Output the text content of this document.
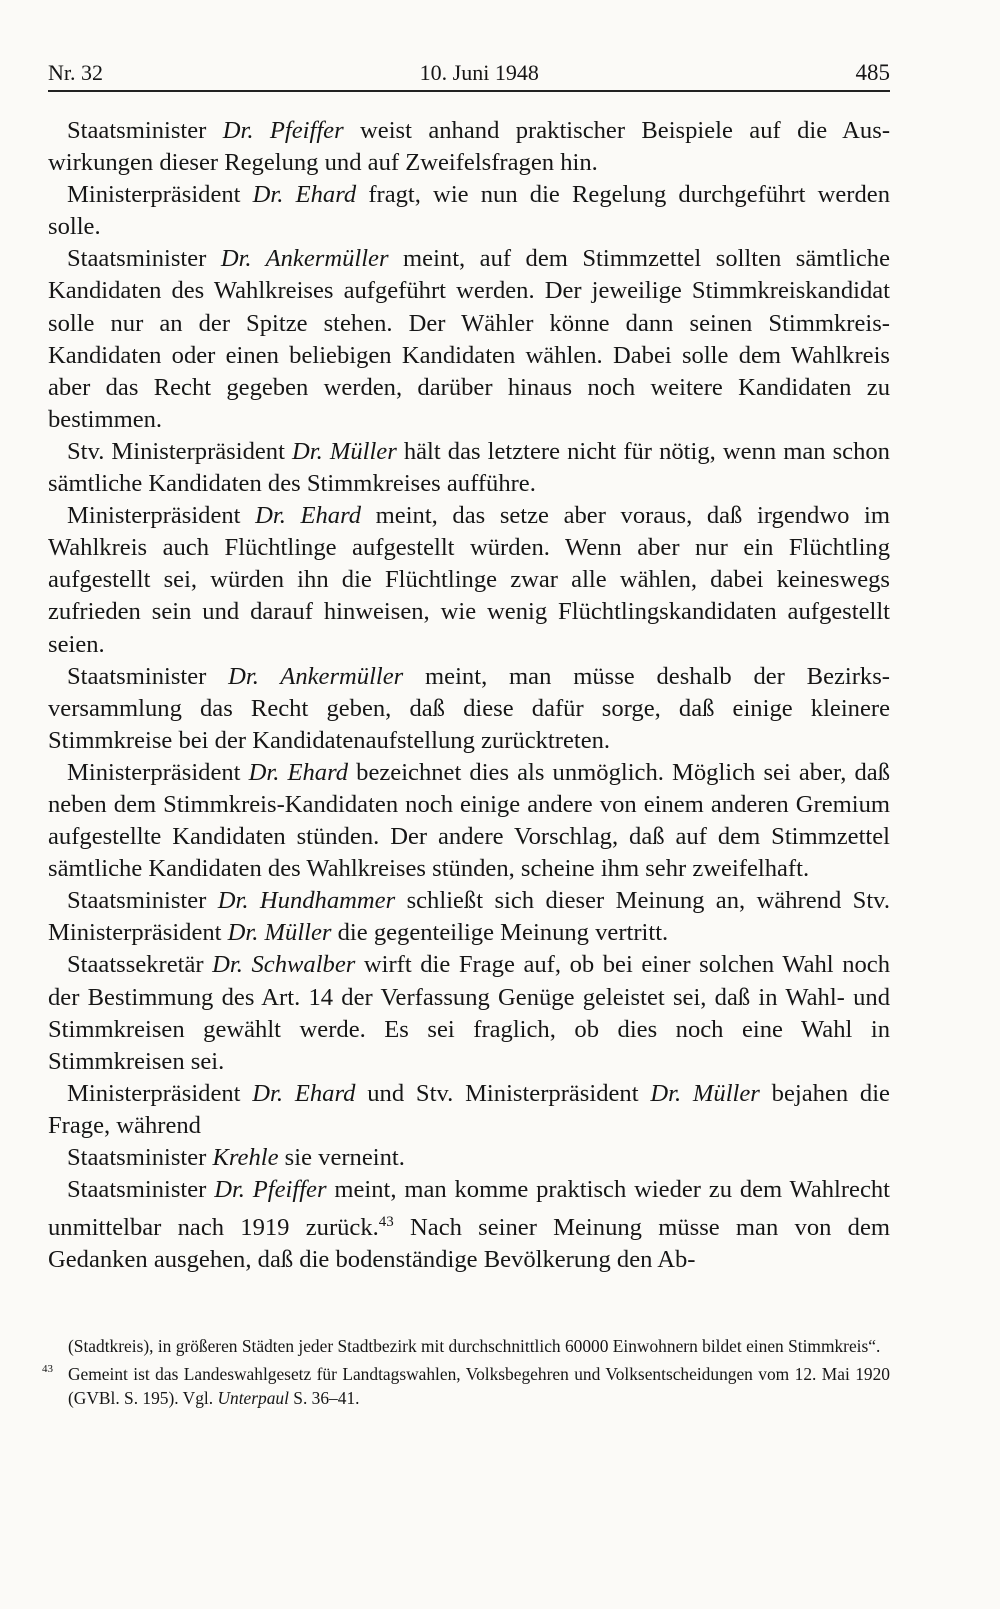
Nr. 32	10. Juni 1948	485

Staatsminister Dr. Pfeiffer weist anhand praktischer Beispiele auf die Auswirkungen dieser Regelung und auf Zweifelsfragen hin.

Ministerpräsident Dr. Ehard fragt, wie nun die Regelung durchgeführt werden solle.

Staatsminister Dr. Ankermüller meint, auf dem Stimmzettel sollten sämtliche Kandidaten des Wahlkreises aufgeführt werden. Der jeweilige Stimmkreiskandidat solle nur an der Spitze stehen. Der Wähler könne dann seinen Stimmkreis-Kandidaten oder einen beliebigen Kandidaten wählen. Dabei solle dem Wahlkreis aber das Recht gegeben werden, darüber hinaus noch weitere Kandidaten zu bestimmen.

Stv. Ministerpräsident Dr. Müller hält das letztere nicht für nötig, wenn man schon sämtliche Kandidaten des Stimmkreises aufführe.

Ministerpräsident Dr. Ehard meint, das setze aber voraus, daß irgendwo im Wahlkreis auch Flüchtlinge aufgestellt würden. Wenn aber nur ein Flüchtling aufgestellt sei, würden ihn die Flüchtlinge zwar alle wählen, dabei keineswegs zufrieden sein und darauf hinweisen, wie wenig Flüchtlingskandidaten aufgestellt seien.

Staatsminister Dr. Ankermüller meint, man müsse deshalb der Bezirksversammlung das Recht geben, daß diese dafür sorge, daß einige kleinere Stimmkreise bei der Kandidatenaufstellung zurücktreten.

Ministerpräsident Dr. Ehard bezeichnet dies als unmöglich. Möglich sei aber, daß neben dem Stimmkreis-Kandidaten noch einige andere von einem anderen Gremium aufgestellte Kandidaten stünden. Der andere Vorschlag, daß auf dem Stimmzettel sämtliche Kandidaten des Wahlkreises stünden, scheine ihm sehr zweifelhaft.

Staatsminister Dr. Hundhammer schließt sich dieser Meinung an, während Stv. Ministerpräsident Dr. Müller die gegenteilige Meinung vertritt.

Staatssekretär Dr. Schwalber wirft die Frage auf, ob bei einer solchen Wahl noch der Bestimmung des Art. 14 der Verfassung Genüge geleistet sei, daß in Wahl- und Stimmkreisen gewählt werde. Es sei fraglich, ob dies noch eine Wahl in Stimmkreisen sei.

Ministerpräsident Dr. Ehard und Stv. Ministerpräsident Dr. Müller bejahen die Frage, während

Staatsminister Krehle sie verneint.

Staatsminister Dr. Pfeiffer meint, man komme praktisch wieder zu dem Wahlrecht unmittelbar nach 1919 zurück.$^{43}$ Nach seiner Meinung müsse man von dem Gedanken ausgehen, daß die bodenständige Bevölkerung den Ab-

(Stadtkreis), in größeren Städten jeder Stadtbezirk mit durchschnittlich 60000 Einwohnern bildet einen Stimmkreis“.

43 Gemeint ist das Landeswahlgesetz für Landtagswahlen, Volksbegehren und Volksentscheidungen vom 12. Mai 1920 (GVBl. S. 195). Vgl. Unterpaul S. 36–41.
